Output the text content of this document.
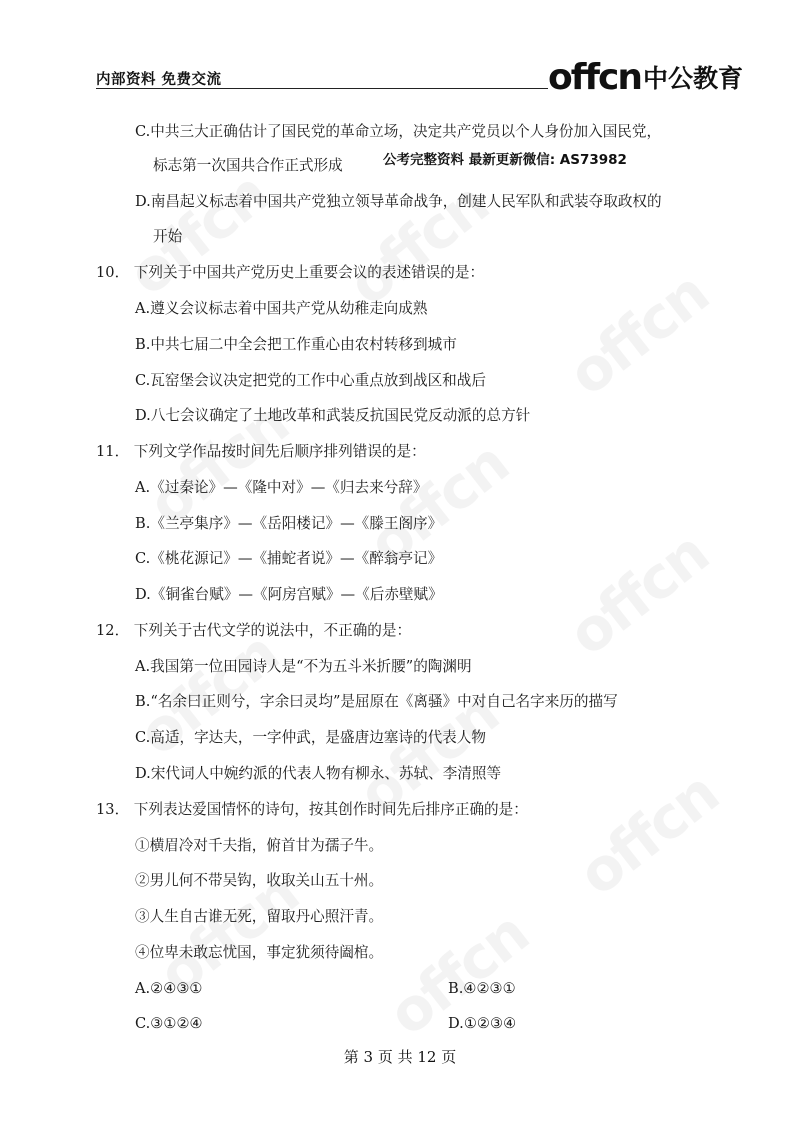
内部资料 免费交流	offcn 中公教育
C.中共三大正确估计了国民党的革命立场，决定共产党员以个人身份加入国民党，
标志第一次国共合作正式形成	公考完整资料 最新更新微信: AS73982
D.南昌起义标志着中国共产党独立领导革命战争，创建人民军队和武装夺取政权的
开始
10． 下列关于中国共产党历史上重要会议的表述错误的是：
A.遵义会议标志着中国共产党从幼稚走向成熟
B.中共七届二中全会把工作重心由农村转移到城市
C.瓦窑堡会议决定把党的工作中心重点放到战区和战后
D.八七会议确定了土地改革和武装反抗国民党反动派的总方针
11． 下列文学作品按时间先后顺序排列错误的是：
A.《过秦论》—《隆中对》—《归去来兮辞》
B.《兰亭集序》—《岳阳楼记》—《滕王阁序》
C.《桃花源记》—《捕蛇者说》—《醉翁亭记》
D.《铜雀台赋》—《阿房宫赋》—《后赤壁赋》
12． 下列关于古代文学的说法中，不正确的是：
A.我国第一位田园诗人是“不为五斗米折腰”的陶渊明
B.“名余曰正则兮，字余曰灵均”是屈原在《离骚》中对自己名字来历的描写
C.高适，字达夫，一字仲武，是盛唐边塞诗的代表人物
D.宋代词人中婉约派的代表人物有柳永、苏轼、李清照等
13． 下列表达爱国情怀的诗句，按其创作时间先后排序正确的是：
①横眉冷对千夫指，俯首甘为孺子牛。
②男儿何不带吴钩，收取关山五十州。
③人生自古谁无死，留取丹心照汗青。
④位卑未敢忘忧国，事定犹须待阖棺。
A.②④③①	B.④②③①
C.③①②④	D.①②③④
第 3 页 共 12 页
